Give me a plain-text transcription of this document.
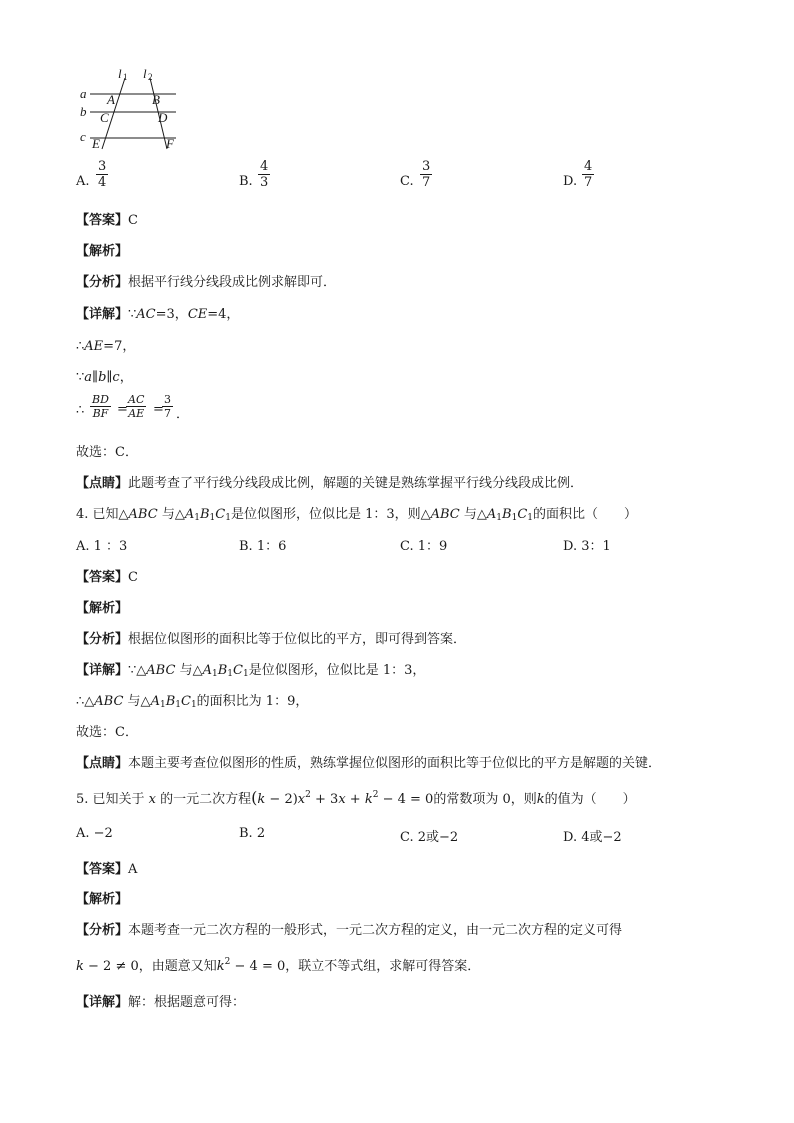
l 1 l 2
a
b
c
A	B
C	D
E	F
A. $\frac{3}{4}$	B. $\frac{4}{3}$	C. $\frac{3}{7}$	D. $\frac{4}{7}$
【答案】C
【解析】
【分析】根据平行线分线段成比例求解即可．
【详解】∵AC=3，CE=4，
∴AE=7，
∵a∥b∥c，
∴ $\frac{BD}{BF}$ =
$\frac{AC}{AE}$ =
$\frac{3}{7}$ ．
故选：C．
【点睛】此题考查了平行线分线段成比例，解题的关键是熟练掌握平行线分线段成比例．
4. 已知△ABC 与$\triangle A_1B_1C_1$是位似图形，位似比是 1：3，则△ABC 与$\triangle A_1B_1C_1$的面积比（　　）
A. 1 ：3	B. 1：6	C. 1：9	D. 3：1
【答案】C
【解析】
【分析】根据位似图形的面积比等于位似比的平方，即可得到答案．
【详解】∵△ABC 与$\triangle A_1B_1C_1$是位似图形，位似比是 1：3，
∴△ABC 与$\triangle A_1B_1C_1$的面积比为 1：9，
故选：C．
【点睛】本题主要考查位似图形的性质，熟练掌握位似图形的面积比等于位似比的平方是解题的关键．
5. 已知关于 x 的一元二次方程$(k - 2)x^2 + 3x + k^2 - 4 = 0$的常数项为 0，则k的值为（　　）
A. −2	B. 2	C. 2或−2	D. 4或−2
【答案】A
【解析】
【分析】本题考查一元二次方程的一般形式，一元二次方程的定义，由一元二次方程的定义可得
k − 2 ≠ 0，由题意又知$k^2 - 4 = 0$，联立不等式组，求解可得答案．
【详解】解：根据题意可得：
